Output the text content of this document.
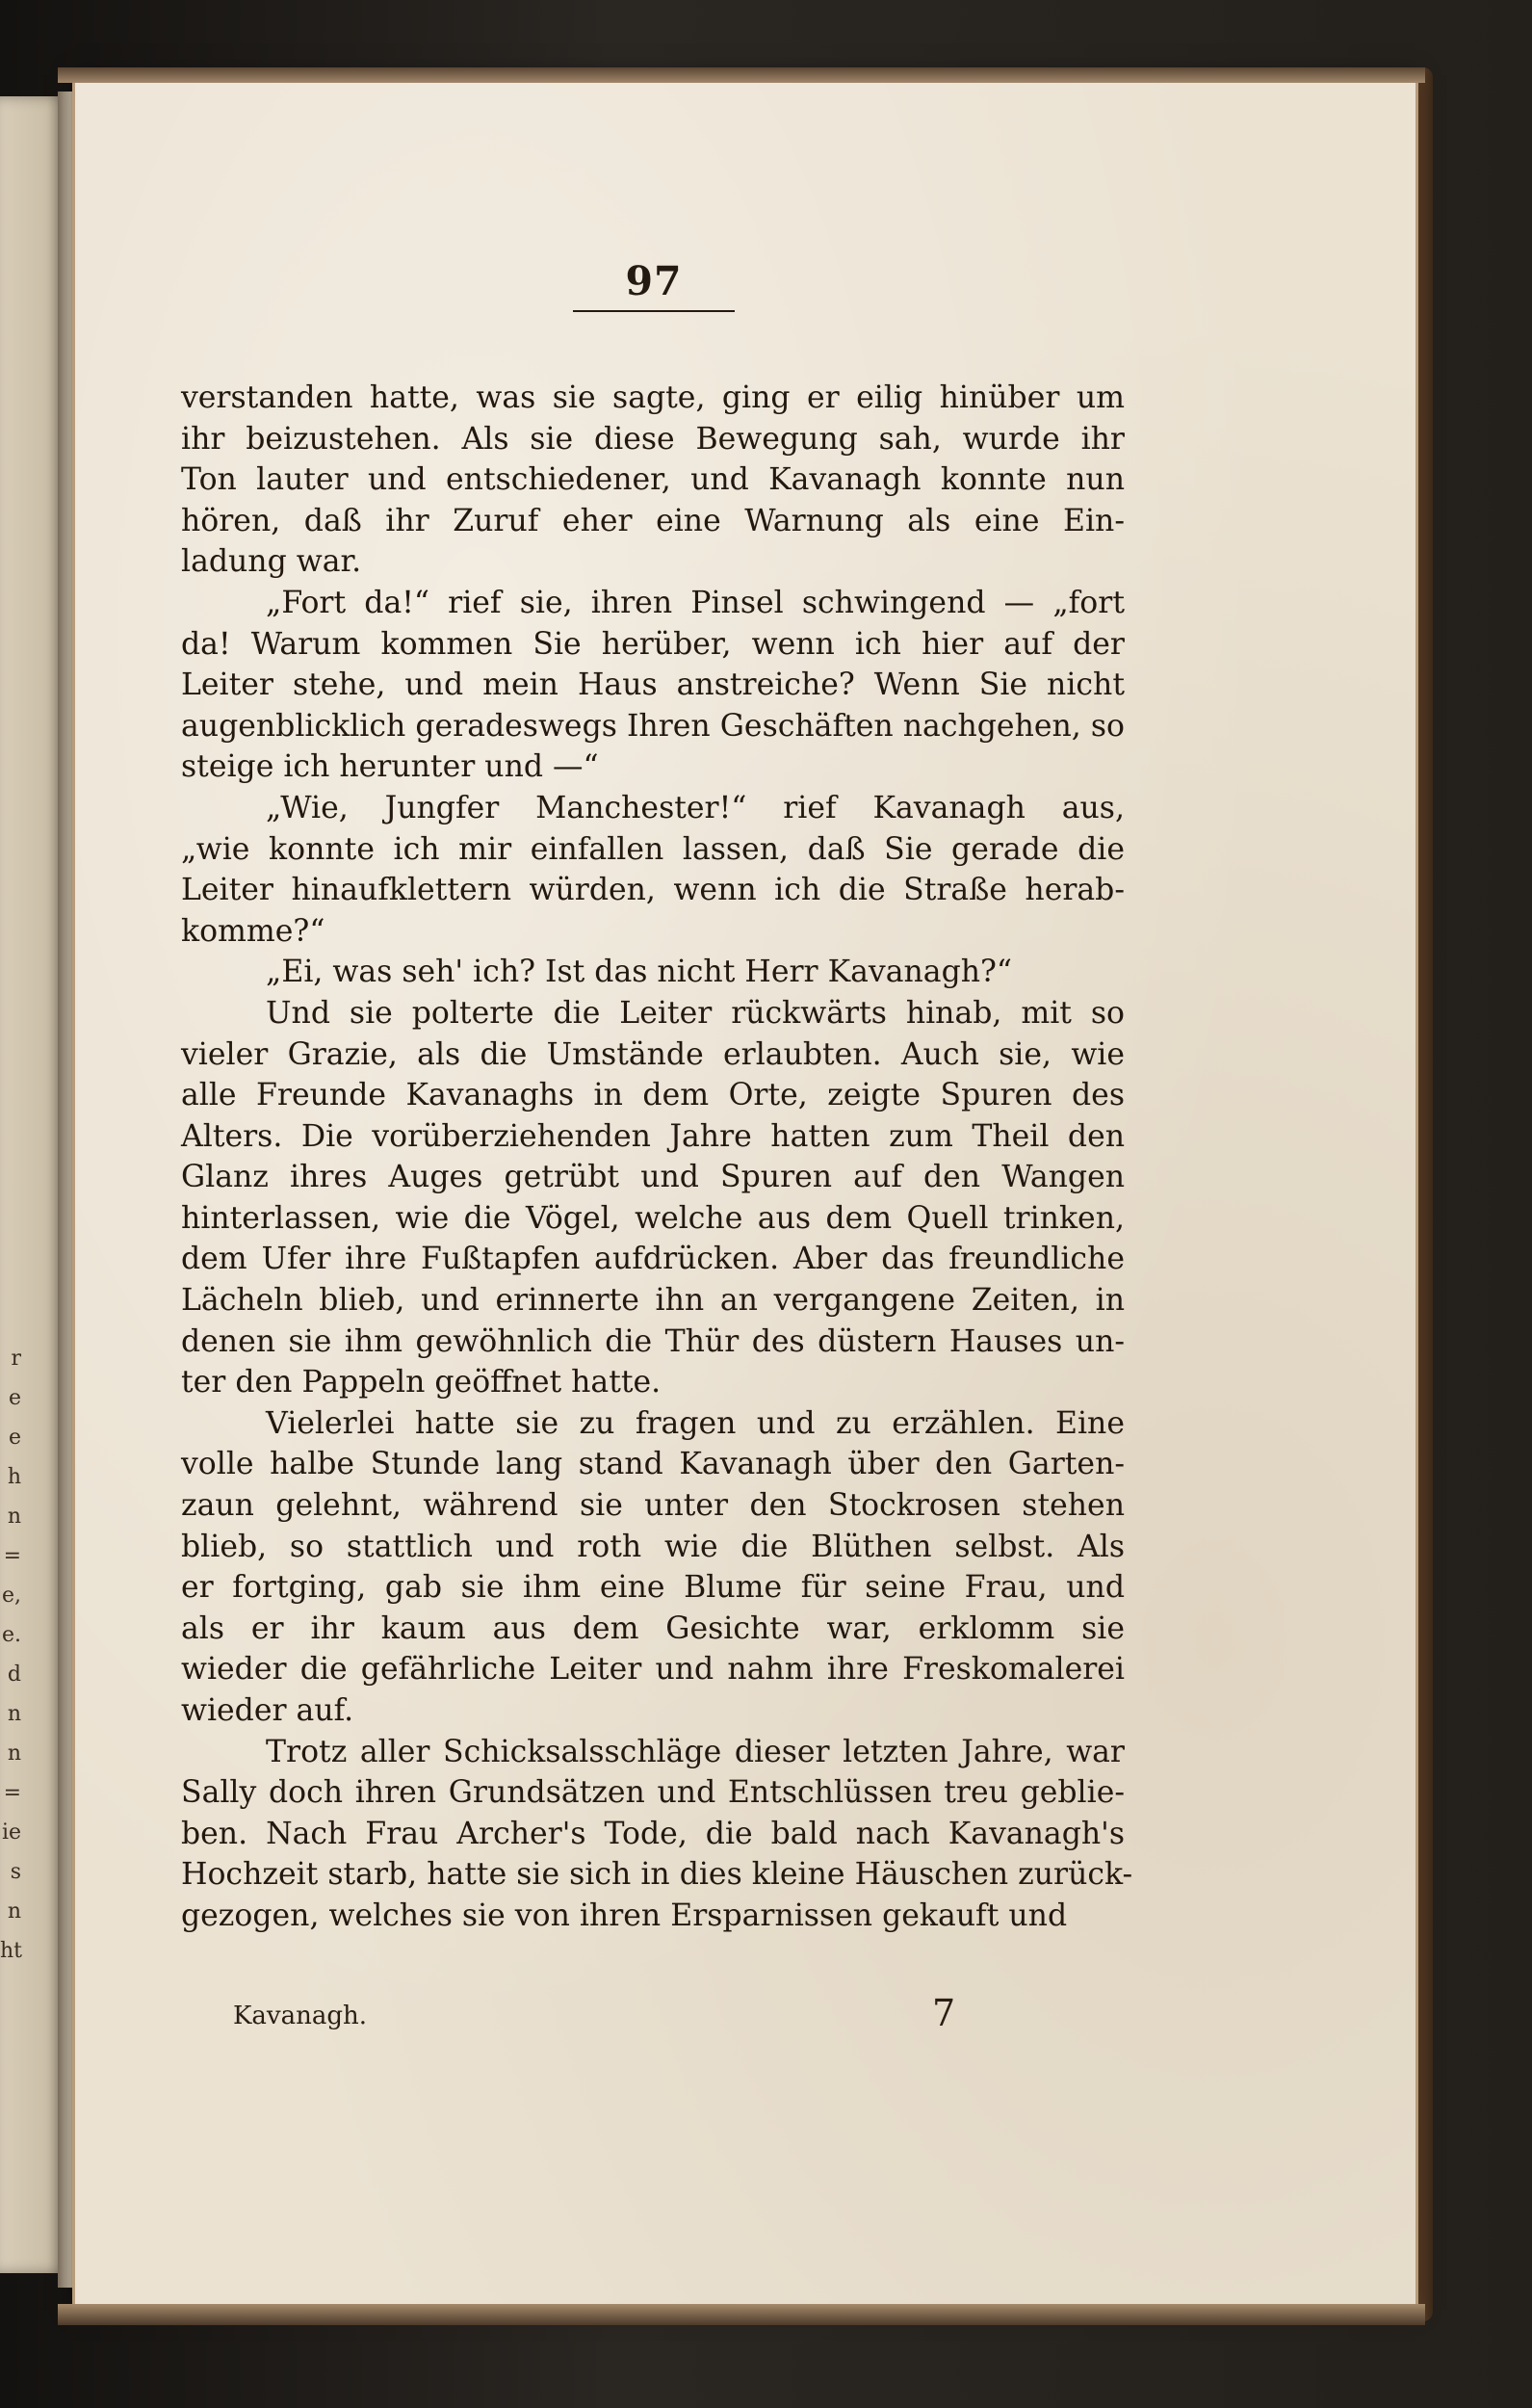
r
e
e
h
n
=
e,
e.
d
n
n
=
ie
s
n
ht
97
verstanden hatte, was sie sagte, ging er eilig hinüber um
ihr beizustehen. Als sie diese Bewegung sah, wurde ihr
Ton lauter und entschiedener, und Kavanagh konnte nun
hören, daß ihr Zuruf eher eine Warnung als eine Ein-
ladung war.
„Fort da!“ rief sie, ihren Pinsel schwingend — „fort
da! Warum kommen Sie herüber, wenn ich hier auf der
Leiter stehe, und mein Haus anstreiche? Wenn Sie nicht
augenblicklich geradeswegs Ihren Geschäften nachgehen, so
steige ich herunter und —“
„Wie, Jungfer Manchester!“ rief Kavanagh aus,
„wie konnte ich mir einfallen lassen, daß Sie gerade die
Leiter hinaufklettern würden, wenn ich die Straße herab-
komme?“
„Ei, was seh' ich? Ist das nicht Herr Kavanagh?“
Und sie polterte die Leiter rückwärts hinab, mit so
vieler Grazie, als die Umstände erlaubten. Auch sie, wie
alle Freunde Kavanaghs in dem Orte, zeigte Spuren des
Alters. Die vorüberziehenden Jahre hatten zum Theil den
Glanz ihres Auges getrübt und Spuren auf den Wangen
hinterlassen, wie die Vögel, welche aus dem Quell trinken,
dem Ufer ihre Fußtapfen aufdrücken. Aber das freundliche
Lächeln blieb, und erinnerte ihn an vergangene Zeiten, in
denen sie ihm gewöhnlich die Thür des düstern Hauses un-
ter den Pappeln geöffnet hatte.
Vielerlei hatte sie zu fragen und zu erzählen. Eine
volle halbe Stunde lang stand Kavanagh über den Garten-
zaun gelehnt, während sie unter den Stockrosen stehen
blieb, so stattlich und roth wie die Blüthen selbst. Als
er fortging, gab sie ihm eine Blume für seine Frau, und
als er ihr kaum aus dem Gesichte war, erklomm sie
wieder die gefährliche Leiter und nahm ihre Freskomalerei
wieder auf.
Trotz aller Schicksalsschläge dieser letzten Jahre, war
Sally doch ihren Grundsätzen und Entschlüssen treu geblie-
ben. Nach Frau Archer's Tode, die bald nach Kavanagh's
Hochzeit starb, hatte sie sich in dies kleine Häuschen zurück-
gezogen, welches sie von ihren Ersparnissen gekauft und
Kavanagh.	7
